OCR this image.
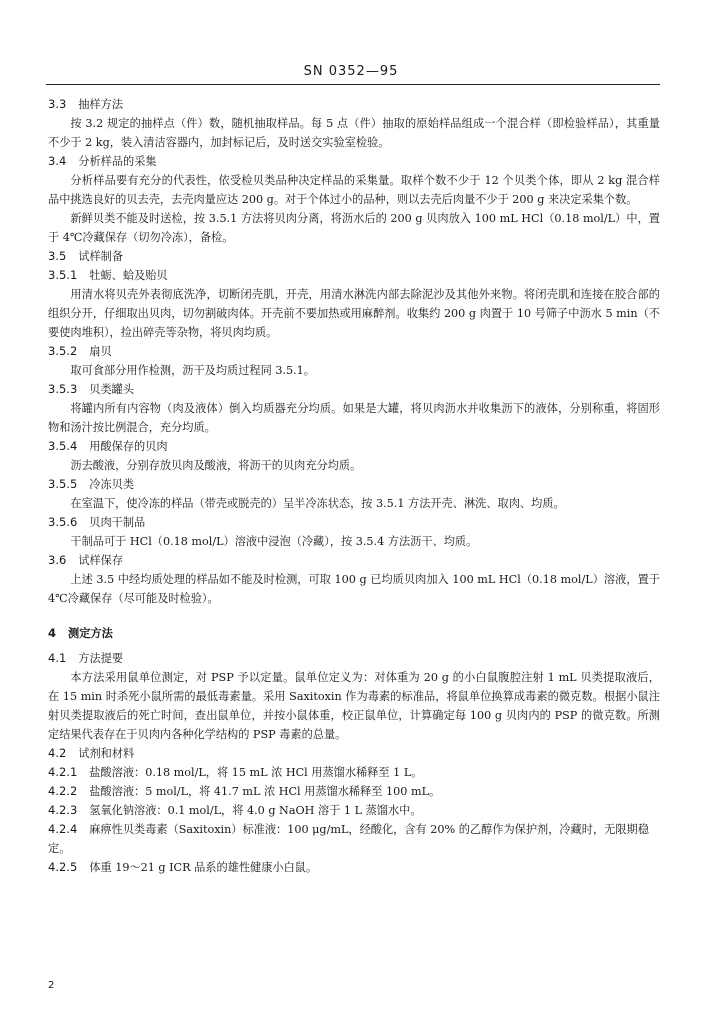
SN 0352—95
3.3 抽样方法
按 3.2 规定的抽样点（件）数，随机抽取样品。每 5 点（件）抽取的原始样品组成一个混合样（即检验样品），其重量不少于 2 kg，装入清洁容器内，加封标记后，及时送交实验室检验。
3.4 分析样品的采集
分析样品要有充分的代表性，依受检贝类品种决定样品的采集量。取样个数不少于 12 个贝类个体，即从 2 kg 混合样品中挑选良好的贝去壳，去壳肉量应达 200 g。对于个体过小的品种，则以去壳后肉量不少于 200 g 来决定采集个数。
新鲜贝类不能及时送检，按 3.5.1 方法将贝肉分离，将沥水后的 200 g 贝肉放入 100 mL HCl（0.18 mol/L）中，置于 4℃冷藏保存（切勿冷冻），备检。
3.5 试样制备
3.5.1 牡蛎、蛤及贻贝
用清水将贝壳外表彻底洗净，切断闭壳肌，开壳，用清水淋洗内部去除泥沙及其他外来物。将闭壳肌和连接在胶合部的组织分开，仔细取出贝肉，切勿割破肉体。开壳前不要加热或用麻醉剂。收集约 200 g 肉置于 10 号筛子中沥水 5 min（不要使肉堆积），捡出碎壳等杂物，将贝肉均质。
3.5.2 扇贝
取可食部分用作检测，沥干及均质过程同 3.5.1。
3.5.3 贝类罐头
将罐内所有内容物（肉及液体）倒入均质器充分均质。如果是大罐，将贝肉沥水并收集沥下的液体，分别称重，将固形物和汤汁按比例混合，充分均质。
3.5.4 用酸保存的贝肉
沥去酸液，分别存放贝肉及酸液，将沥干的贝肉充分均质。
3.5.5 冷冻贝类
在室温下，使冷冻的样品（带壳或脱壳的）呈半冷冻状态，按 3.5.1 方法开壳、淋洗、取肉、均质。
3.5.6 贝肉干制品
干制品可于 HCl（0.18 mol/L）溶液中浸泡（冷藏），按 3.5.4 方法沥干、均质。
3.6 试样保存
上述 3.5 中经均质处理的样品如不能及时检测，可取 100 g 已均质贝肉加入 100 mL HCl（0.18 mol/L）溶液，置于 4℃冷藏保存（尽可能及时检验）。
4 测定方法
4.1 方法提要
本方法采用鼠单位测定，对 PSP 予以定量。鼠单位定义为：对体重为 20 g 的小白鼠腹腔注射 1 mL 贝类提取液后，在 15 min 时杀死小鼠所需的最低毒素量。采用 Saxitoxin 作为毒素的标准品，将鼠单位换算成毒素的微克数。根据小鼠注射贝类提取液后的死亡时间，查出鼠单位，并按小鼠体重，校正鼠单位，计算确定每 100 g 贝肉内的 PSP 的微克数。所测定结果代表存在于贝肉内各种化学结构的 PSP 毒素的总量。
4.2 试剂和材料
4.2.1 盐酸溶液：0.18 mol/L，将 15 mL 浓 HCl 用蒸馏水稀释至 1 L。
4.2.2 盐酸溶液：5 mol/L，将 41.7 mL 浓 HCl 用蒸馏水稀释至 100 mL。
4.2.3 氢氧化钠溶液：0.1 mol/L，将 4.0 g NaOH 溶于 1 L 蒸馏水中。
4.2.4 麻痹性贝类毒素（Saxitoxin）标准液：100 μg/mL，经酸化，含有 20% 的乙醇作为保护剂，冷藏时，无限期稳定。
4.2.5 体重 19～21 g ICR 品系的雄性健康小白鼠。
2
